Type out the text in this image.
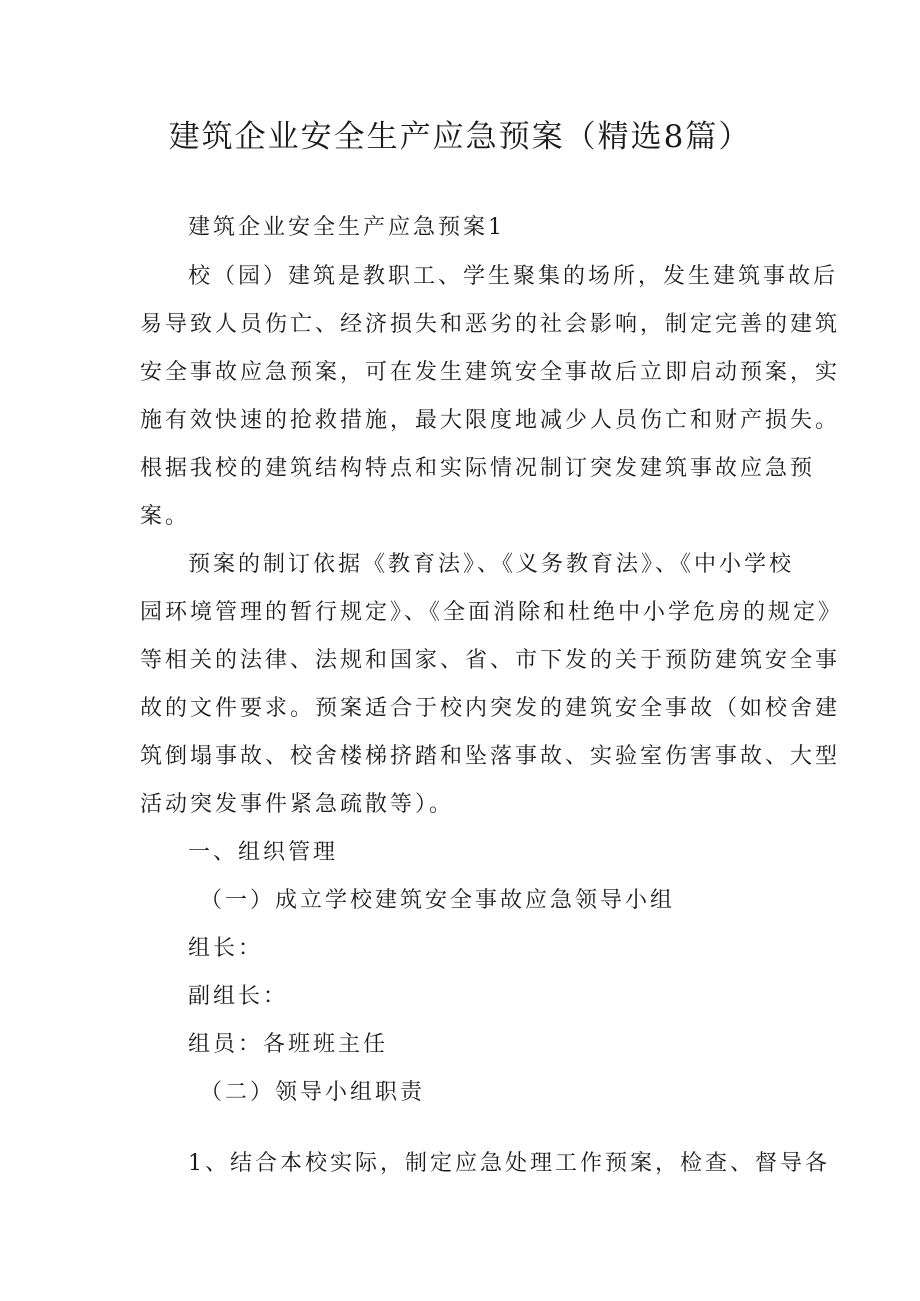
建筑企业安全生产应急预案（精选8篇）
建筑企业安全生产应急预案1
校（园）建筑是教职工、学生聚集的场所，发生建筑事故后
易导致人员伤亡、经济损失和恶劣的社会影响，制定完善的建筑
安全事故应急预案，可在发生建筑安全事故后立即启动预案，实
施有效快速的抢救措施，最大限度地减少人员伤亡和财产损失。
根据我校的建筑结构特点和实际情况制订突发建筑事故应急预
案。
预案的制订依据《教育法》、《义务教育法》、《中小学校
园环境管理的暂行规定》、《全面消除和杜绝中小学危房的规定》
等相关的法律、法规和国家、省、市下发的关于预防建筑安全事
故的文件要求。预案适合于校内突发的建筑安全事故（如校舍建
筑倒塌事故、校舍楼梯挤踏和坠落事故、实验室伤害事故、大型
活动突发事件紧急疏散等）。
一、组织管理
（一）成立学校建筑安全事故应急领导小组
组长：
副组长：
组员：各班班主任
（二）领导小组职责
1、结合本校实际，制定应急处理工作预案，检查、督导各
